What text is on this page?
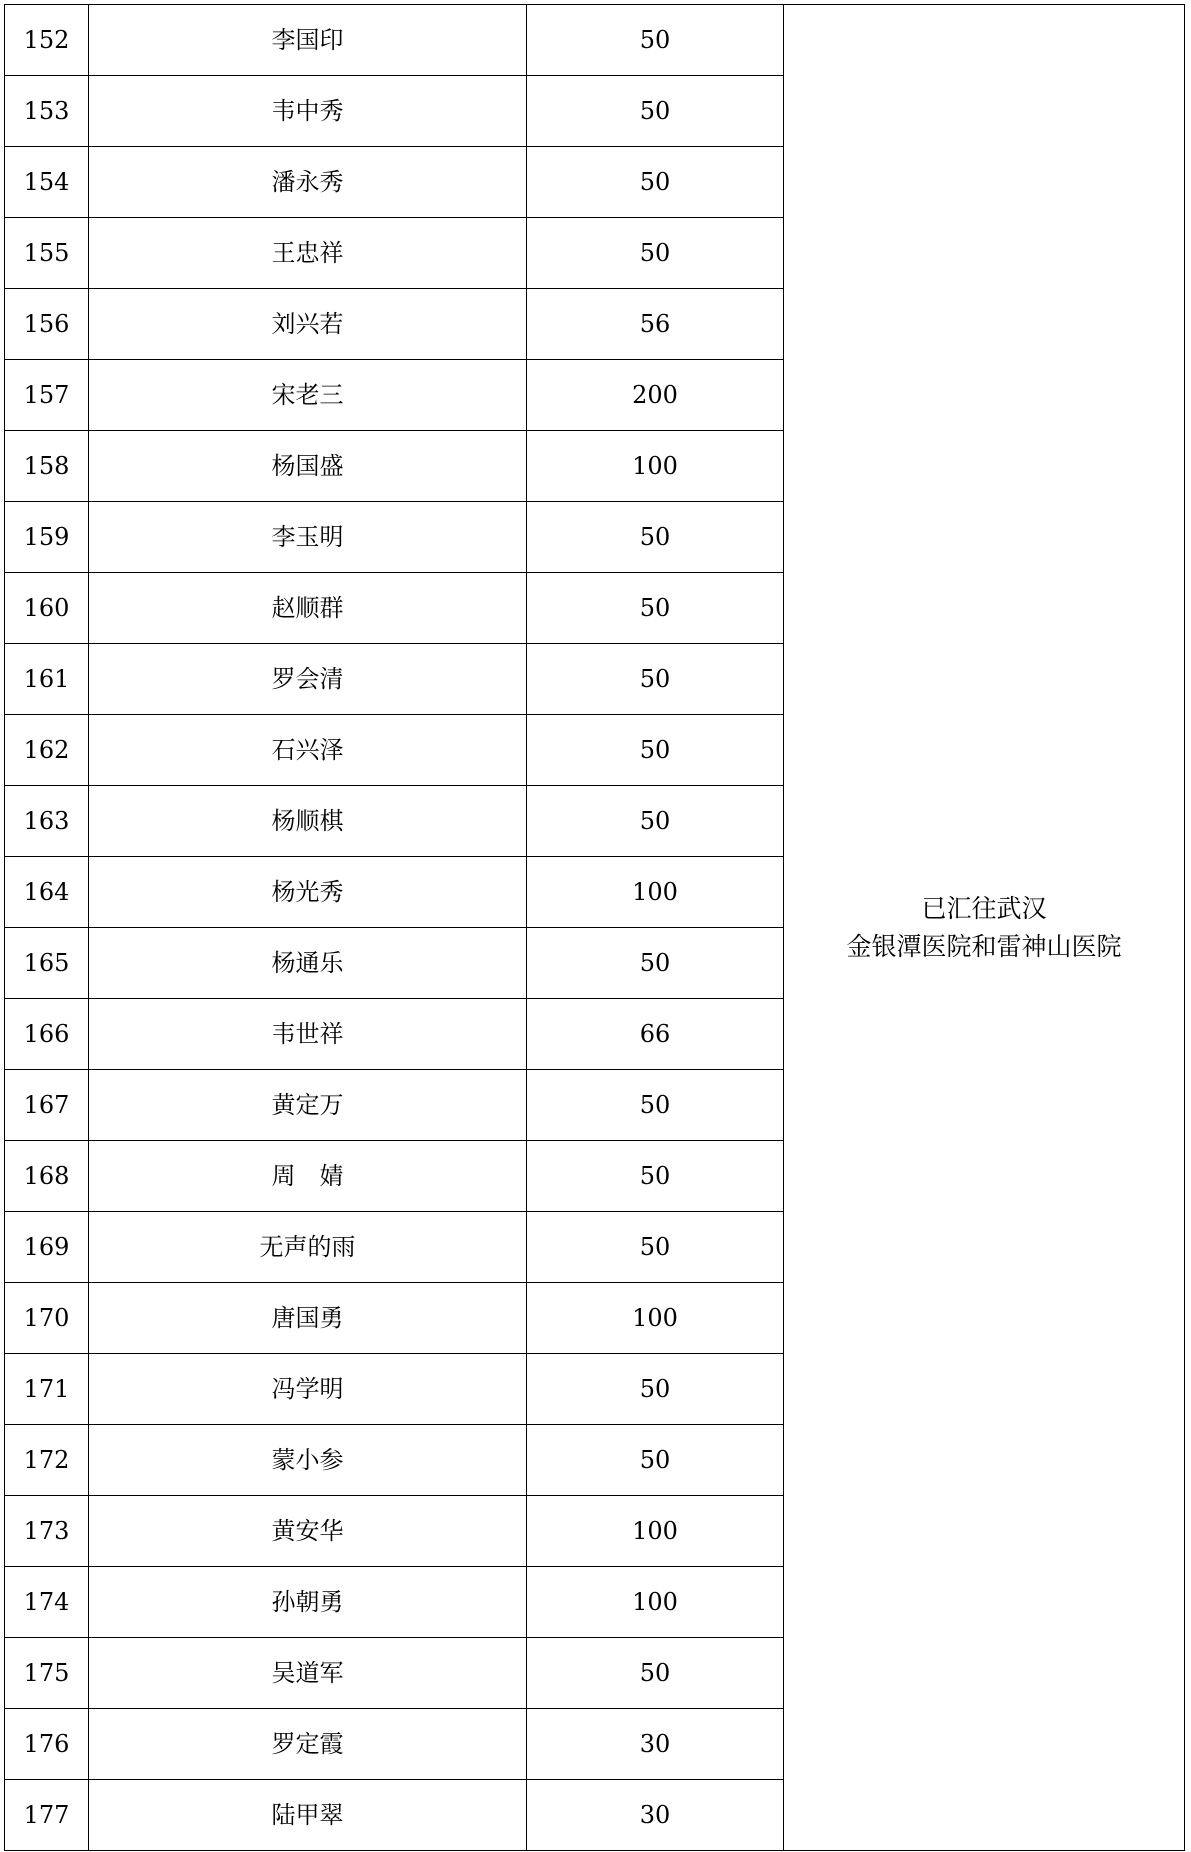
152	李国印	50	已汇往武汉
金银潭医院和雷神山医院

153	韦中秀	50	
154	潘永秀	50	
155	王忠祥	50	
156	刘兴若	56	
157	宋老三	200	
158	杨国盛	100	
159	李玉明	50	
160	赵顺群	50	
161	罗会清	50	
162	石兴泽	50	
163	杨顺棋	50	
164	杨光秀	100	
165	杨通乐	50	
166	韦世祥	66	
167	黄定万	50	
168	周　婧	50	
169	无声的雨	50	
170	唐国勇	100	
171	冯学明	50	
172	蒙小参	50	
173	黄安华	100	
174	孙朝勇	100	
175	吴道军	50	
176	罗定霞	30	
177	陆甲翠	30	
